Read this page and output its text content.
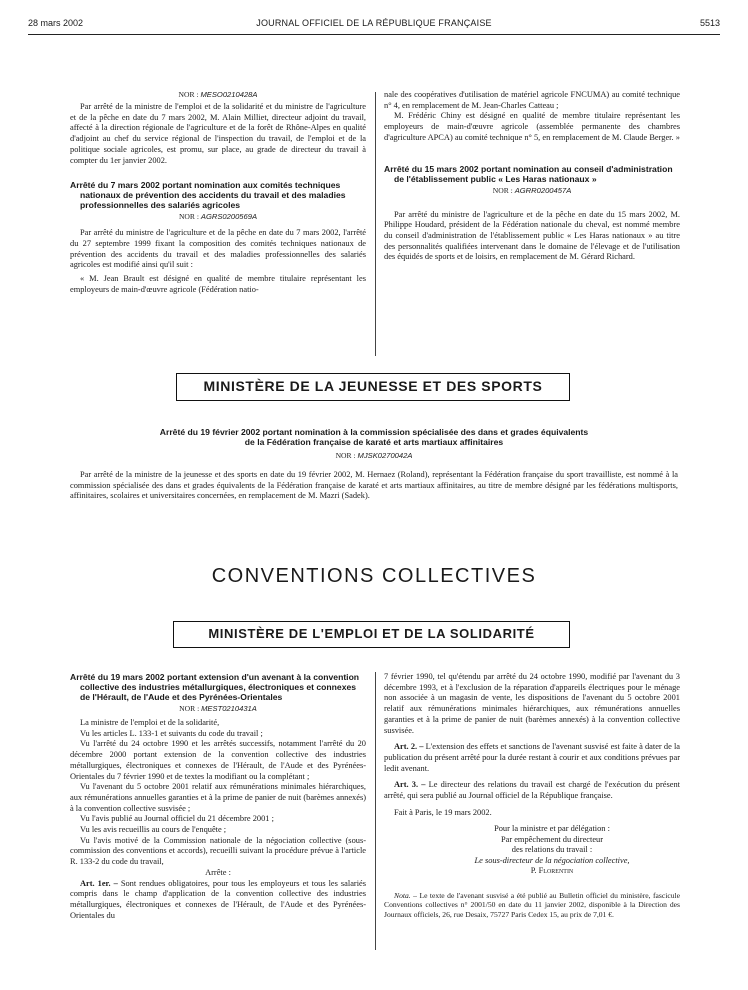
28 mars 2002	JOURNAL OFFICIEL DE LA RÉPUBLIQUE FRANÇAISE	5513

NOR : MESO0210428A

Par arrêté de la ministre de l'emploi et de la solidarité et du ministre de l'agriculture et de la pêche en date du 7 mars 2002, M. Alain Milliet, directeur adjoint du travail, affecté à la direction régionale de l'agriculture et de la forêt de Rhône-Alpes en qualité d'adjoint au chef du service régional de l'inspection du travail, de l'emploi et de la politique sociale agricoles, est promu, sur place, au grade de directeur du travail à compter du 1er janvier 2002.

Arrêté du 7 mars 2002 portant nomination aux comités techniques nationaux de prévention des accidents du travail et des maladies professionnelles des salariés agricoles

NOR : AGRS0200569A

Par arrêté du ministre de l'agriculture et de la pêche en date du 7 mars 2002, l'arrêté du 27 septembre 1999 fixant la composition des comités techniques nationaux de prévention des accidents du travail et des maladies professionnelles des salariés agricoles est modifié ainsi qu'il suit :

« M. Jean Brault est désigné en qualité de membre titulaire représentant les employeurs de main-d'œuvre agricole (Fédération natio-

nale des coopératives d'utilisation de matériel agricole FNCUMA) au comité technique n° 4, en remplacement de M. Jean-Charles Catteau ;

M. Frédéric Chiny est désigné en qualité de membre titulaire représentant les employeurs de main-d'œuvre agricole (assemblée permanente des chambres d'agriculture APCA) au comité technique n° 5, en remplacement de M. Claude Berger. »

Arrêté du 15 mars 2002 portant nomination au conseil d'administration de l'établissement public « Les Haras nationaux »

NOR : AGRR0200457A

Par arrêté du ministre de l'agriculture et de la pêche en date du 15 mars 2002, M. Philippe Houdard, président de la Fédération nationale du cheval, est nommé membre du conseil d'administration de l'établissement public « Les Haras nationaux » au titre des personnalités qualifiées intervenant dans le domaine de l'élevage et de l'utilisation des équidés de sports et de loisirs, en remplacement de M. Gérard Richard.

MINISTÈRE DE LA JEUNESSE ET DES SPORTS
Arrêté du 19 février 2002 portant nomination à la commission spécialisée des dans et grades équivalents
de la Fédération française de karaté et arts martiaux affinitaires

NOR : MJSK0270042A

Par arrêté de la ministre de la jeunesse et des sports en date du 19 février 2002, M. Hernaez (Roland), représentant la Fédération française du sport travailliste, est nommé à la commission spécialisée des dans et grades équivalents de la Fédération française de karaté et arts martiaux affinitaires, au titre de membre désigné par les fédérations multisports, affinitaires, scolaires et universitaires concernées, en remplacement de M. Mazri (Sadek).

CONVENTIONS COLLECTIVES
MINISTÈRE DE L'EMPLOI ET DE LA SOLIDARITÉ

Arrêté du 19 mars 2002 portant extension d'un avenant à la convention collective des industries métallurgiques, électroniques et connexes de l'Hérault, de l'Aude et des Pyrénées-Orientales

NOR : MEST0210431A

La ministre de l'emploi et de la solidarité,

Vu les articles L. 133-1 et suivants du code du travail ;

Vu l'arrêté du 24 octobre 1990 et les arrêtés successifs, notamment l'arrêté du 20 décembre 2000 portant extension de la convention collective des industries métallurgiques, électroniques et connexes de l'Hérault, de l'Aude et des Pyrénées-Orientales du 7 février 1990 et de textes la modifiant ou la complétant ;

Vu l'avenant du 5 octobre 2001 relatif aux rémunérations minimales hiérarchiques, aux rémunérations annuelles garanties et à la prime de panier de nuit (barèmes annexés) à la convention collective susvisée ;

Vu l'avis publié au Journal officiel du 21 décembre 2001 ;

Vu les avis recueillis au cours de l'enquête ;

Vu l'avis motivé de la Commission nationale de la négociation collective (sous-commission des conventions et accords), recueilli suivant la procédure prévue à l'article R. 133-2 du code du travail,

Arrête :

Art. 1er. – Sont rendues obligatoires, pour tous les employeurs et tous les salariés compris dans le champ d'application de la convention collective des industries métallurgiques, électroniques et connexes de l'Hérault, de l'Aude et des Pyrénées-Orientales du

7 février 1990, tel qu'étendu par arrêté du 24 octobre 1990, modifié par l'avenant du 3 décembre 1993, et à l'exclusion de la réparation d'appareils électriques pour le ménage non associée à un magasin de vente, les dispositions de l'avenant du 5 octobre 2001 relatif aux rémunérations minimales hiérarchiques, aux rémunérations annuelles garanties et à la prime de panier de nuit (barèmes annexés) à la convention collective susvisée.

Art. 2. – L'extension des effets et sanctions de l'avenant susvisé est faite à dater de la publication du présent arrêté pour la durée restant à courir et aux conditions prévues par ledit avenant.

Art. 3. – Le directeur des relations du travail est chargé de l'exécution du présent arrêté, qui sera publié au Journal officiel de la République française.

Fait à Paris, le 19 mars 2002.

Pour la ministre et par délégation :

Par empêchement du directeur

des relations du travail :

Le sous-directeur de la négociation collective,

P. Florentin

Nota. – Le texte de l'avenant susvisé a été publié au Bulletin officiel du ministère, fascicule Conventions collectives n° 2001/50 en date du 11 janvier 2002, disponible à la Direction des Journaux officiels, 26, rue Desaix, 75727 Paris Cedex 15, au prix de 7,01 €.
